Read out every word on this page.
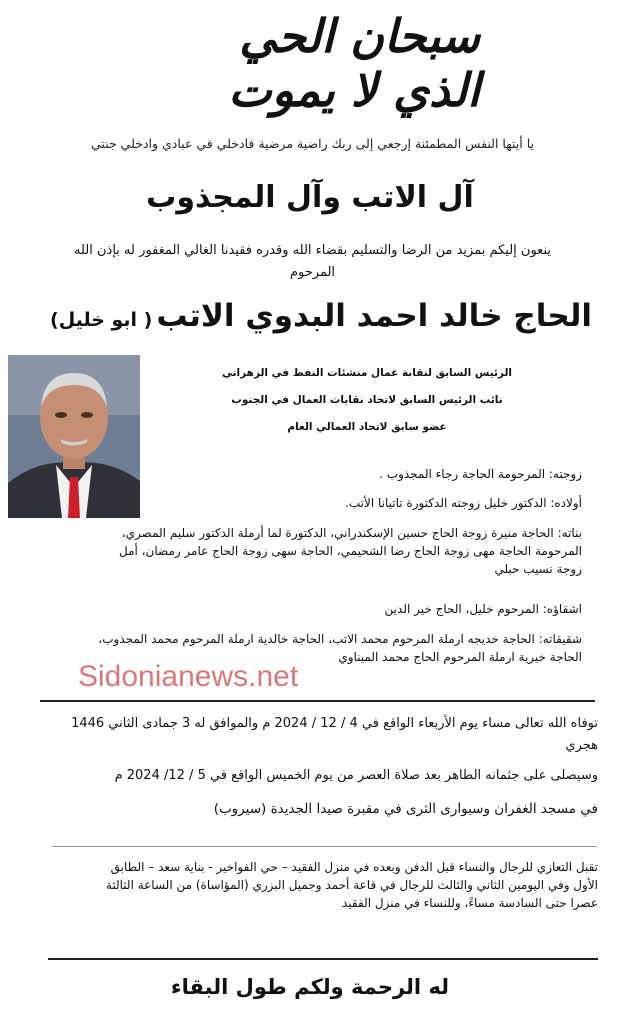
سبحان الحي الذي لا يموت
يا أيتها النفس المطمئنة إرجعي إلى ربك راضية مرضية فادخلي في عبادي وادخلي جنتي
آل الاتب وآل المجذوب
ينعون إليكم بمزيد من الرضا والتسليم بقضاء الله وقدره فقيدنا الغالي المغفور له بإذن الله
المرحوم
الحاج خالد احمد البدوي الاتب( ابو خليل)
الرئيس السابق لنقابة عمال منشئات النفط في الزهراني
نائب الرئيس السابق لاتحاد نقابات العمال في الجنوب
عضو سابق لاتحاد العمالي العام
زوجته: المرحومة الحاجة رجاء المجذوب .
أولاده: الدكتور خليل زوجته الدكتورة تاتيانا الأتب.
بناته: الحاجة منيرة زوجة الحاج حسين الإسكندراني، الدكتورة لما أرملة الدكتور سليم المصري،
المرحومة الحاجة مهى زوجة الحاج رضا الشحيمي، الحاجة سهى زوجة الحاج عامر رمضان، أمل
زوجة نسيب حبلي
اشقاؤه: المرحوم خليل، الحاج خير الدين
شقيقاته: الحاجة خديجه ارملة المرحوم محمد الاتب، الحاجة خالدية ارملة المرحوم محمد المجذوب،
الحاجة خيرية ارملة المرحوم الحاج محمد الميناوي
Sidonianews.net
توفاه الله تعالى مساء يوم الأربعاء الواقع في 4 / 12 / 2024 م والموافق له 3 جمادى الثاني 1446
هجري
وسيصلى على جثمانه الطاهر بعد صلاة العصر من يوم الخميس الواقع في 5 / 12/ 2024 م
في مسجد الغفران وسيوارى الثرى في مقبرة صيدا الجديدة (سيروب)
تقبل التعازي للرجال والنساء قبل الدفن وبعده في منزل الفقيد – حي الفواخير - بناية سعد – الطابق
الأول وفي اليومين الثاني والثالث للرجال في قاعة أحمد وجميل البزري (المؤاساة) من الساعة الثالثة
عصرا حتى السادسة مساءً، وللنساء في منزل الفقيد
له الرحمة ولكم طول البقاء
